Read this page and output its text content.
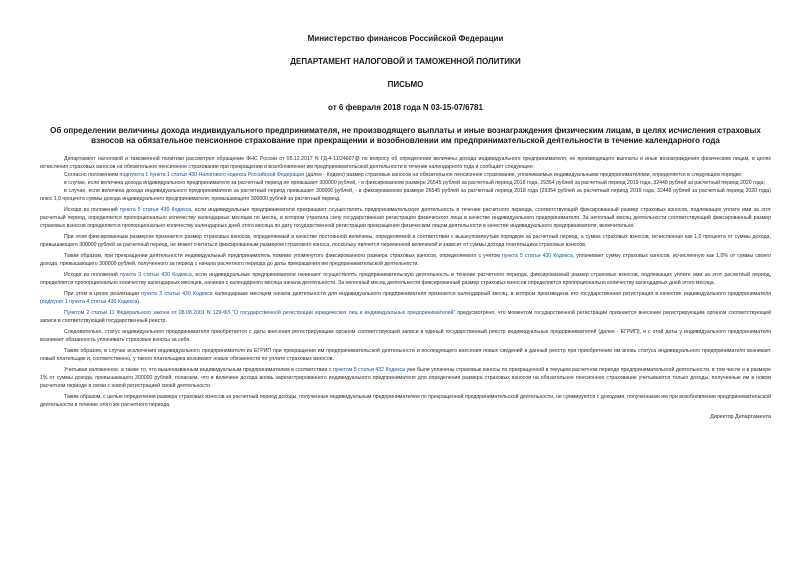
Министерство финансов Российской Федерации
ДЕПАРТАМЕНТ НАЛОГОВОЙ И ТАМОЖЕННОЙ ПОЛИТИКИ
ПИСЬМО
от 6 февраля 2018 года N 03-15-07/6781
Об определении величины дохода индивидуального предпринимателя, не производящего выплаты и иные вознаграждения физическим лицам, в целях исчисления страховых взносов на обязательное пенсионное страхование при прекращении и возобновлении им предпринимательской деятельности в течение календарного года

Департамент налоговой и таможенной политики рассмотрел обращение ФНС России от 05.12.2017 N ГД-4-11/24607@ по вопросу об определении величины дохода индивидуального предпринимателя, не производящего выплаты и иные вознаграждения физическим лицам, в целях исчисления страховых взносов на обязательное пенсионное страхование при прекращении и возобновлении им предпринимательской деятельности в течение календарного года и сообщает следующее.

Согласно положениям подпункта 1 пункта 1 статьи 430 Налогового кодекса Российской Федерации (далее - Кодекс) размер страховых взносов на обязательное пенсионное страхование, уплачиваемых индивидуальными предпринимателями, определяется в следующем порядке:

в случае, если величина дохода индивидуального предпринимателя за расчетный период не превышает 300000 рублей, - в фиксированном размере 26545 рублей за расчетный период 2018 года, 29354 рублей за расчетный период 2019 года, 32448 рублей за расчетный период 2020 года;

в случае, если величина дохода индивидуального предпринимателя за расчетный период превышает 300000 рублей, - в фиксированном размере 26545 рублей за расчетный период 2018 года (29354 рублей за расчетный период 2019 года, 32448 рублей за расчетный период 2020 года) плюс 1,0 процента суммы дохода индивидуального предпринимателя, превышающего 300000 рублей за расчетный период.

Исходя из положений пункта 5 статьи 430 Кодекса, если индивидуальные предприниматели прекращают осуществлять предпринимательскую деятельность в течение расчетного периода, соответствующий фиксированный размер страховых взносов, подлежащих уплате ими за этот расчетный период, определяется пропорционально количеству календарных месяцев по месяц, в котором утратила силу государственная регистрация физического лица в качестве индивидуального предпринимателя. За неполный месяц деятельности соответствующий фиксированный размер страховых взносов определяется пропорционально количеству календарных дней этого месяца по дату государственной регистрации прекращения физическим лицом деятельности в качестве индивидуального предпринимателя, включительно.

При этом фиксированным размером признается размер страховых взносов, определяемый в качестве постоянной величины, определяемой в соответствии с вышеупомянутым порядком за расчетный период, а сумма страховых взносов, исчисленная как 1,0 процента от суммы дохода, превышающего 300000 рублей за расчетный период, не может считаться фиксированным размером страхового взноса, поскольку является переменной величиной и зависит от суммы дохода плательщика страховых взносов.

Таким образом, при прекращении деятельности индивидуальный предприниматель помимо упомянутого фиксированного размера страховых взносов, определяемого с учетом пункта 5 статьи 430 Кодекса, уплачивает сумму страховых взносов, исчисленную как 1,0% от суммы своего дохода, превышающего 300000 рублей, полученного за период с начала расчетного периода до даты прекращения им предпринимательской деятельности.

Исходя из положений пункта 3 статьи 430 Кодекса, если индивидуальные предприниматели начинают осуществлять предпринимательскую деятельность в течение расчетного периода, фиксированный размер страховых взносов, подлежащих уплате ими за этот расчетный период, определяется пропорционально количеству календарных месяцев, начиная с календарного месяца начала деятельности. За неполный месяц деятельности фиксированный размер страховых взносов определяется пропорционально количеству календарных дней этого месяца.

При этом в целях реализации пункта 3 статьи 430 Кодекса календарным месяцем начала деятельности для индивидуального предпринимателя признается календарный месяц, в котором произведена его государственная регистрация в качестве индивидуального предпринимателя (подпункт 1 пункта 4 статьи 430 Кодекса).

Пунктом 2 статьи 11 Федерального закона от 08.08.2001 N 129-ФЗ "О государственной регистрации юридических лиц и индивидуальных предпринимателей" предусмотрено, что моментом государственной регистрации признается внесение регистрирующим органом соответствующей записи в соответствующий государственный реестр.

Следовательно, статус индивидуального предпринимателя приобретается с даты внесения регистрирующим органом соответствующей записи в единый государственный реестр индивидуальных предпринимателей (далее - ЕГРИП), и с этой даты у индивидуального предпринимателя возникает обязанность уплачивать страховые взносы за себя.

Таким образом, в случае исключения индивидуального предпринимателя из ЕГРИП при прекращении им предпринимательской деятельности и последующего внесения новых сведений в данный реестр при приобретении им вновь статуса индивидуального предпринимателя возникает новый плательщик и, соответственно, у такого плательщика возникают новые обязанности по уплате страховых взносов.

Учитывая изложенное, а также то, что вышеназванным индивидуальным предпринимателем в соответствии с пунктом 5 статьи 432 Кодекса уже были уплачены страховые взносы по прекращенной в текущем расчетном периоде предпринимательской деятельности, в том числе и в размере 1% от суммы дохода, превышающего 300000 рублей, полагаем, что в величине дохода вновь зарегистрированного индивидуального предпринимателя для определения размера страховых взносов на обязательное пенсионное страхование учитываются только доходы, полученные им в новом расчетном периоде в связи с новой регистрацией своей деятельности.

Таким образом, с целью определения размера страховых взносов за расчетный период доходы, полученные индивидуальным предпринимателем по прекращенной предпринимательской деятельности, не суммируются с доходами, полученными им при возобновлении предпринимательской деятельности в течение этого же расчетного периода.

Директор Департамента
